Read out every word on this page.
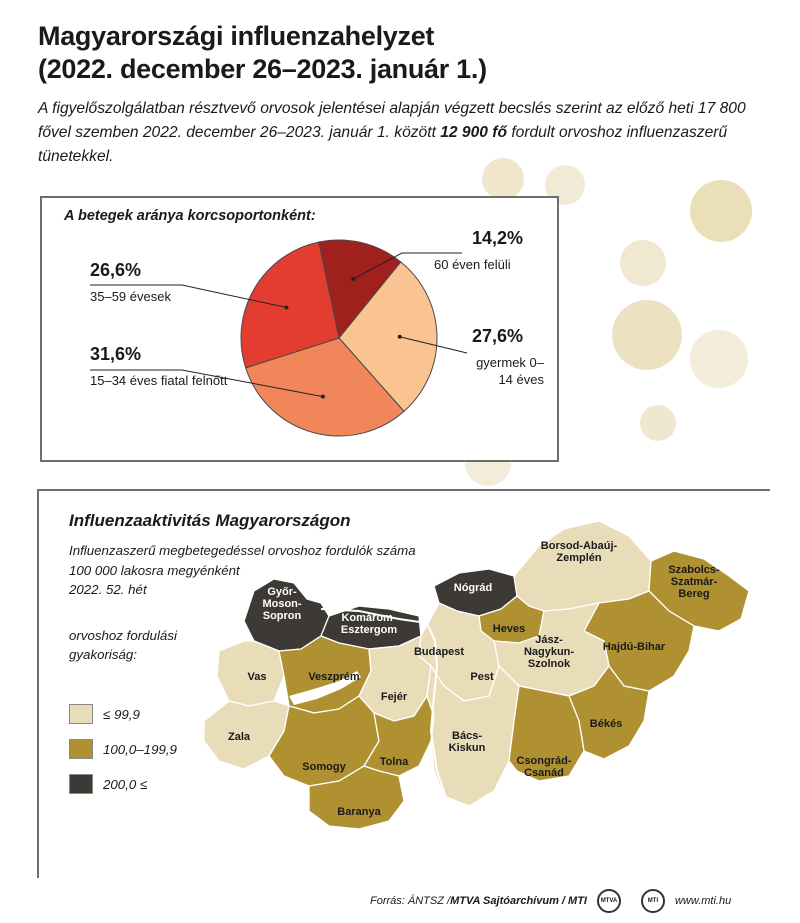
Magyarországi influenzahelyzet
(2022. december 26–2023. január 1.)
A figyelőszolgálatban résztvevő orvosok jelentései alapján végzett becslés szerint az előző heti 17 800 fővel szemben 2022. december 26–2023. január 1. között 12 900 fő fordult orvoshoz influenzaszerű tünetekkel.
A betegek aránya korcsoportonként:
26,6%
35–59 évesek
31,6%
15–34 éves fiatal felnőtt
14,2%
60 éven felüli
27,6%
gyermek 0–14 éves
Influenzaaktivitás Magyarországon
Influenzaszerű megbetegedéssel orvoshoz fordulók száma
100 000 lakosra megyénként
2022. 52. hét
orvoshoz fordulási
gyakoriság:
≤ 99,9
100,0–199,9
200,0 ≤
Győr-
Moson-
Sopron	Komárom-
Esztergom
Nógrád
Borsod-Abaúj-
Zemplén
Szabolcs-
Szatmár-
Bereg
Heves
Hajdú-Bihar
Budapest
Pest
Vas	Veszprém
Fejér
Jász-
Nagykun-
Szolnok
Zala
Somogy	Tolna
Bács-
Kiskun
Békés
Csongrád-
Csanád
Baranya
Forrás: ÁNTSZ / MTVA Sajtóarchívum / MTI	MTVA	MTI	www.mti.hu
